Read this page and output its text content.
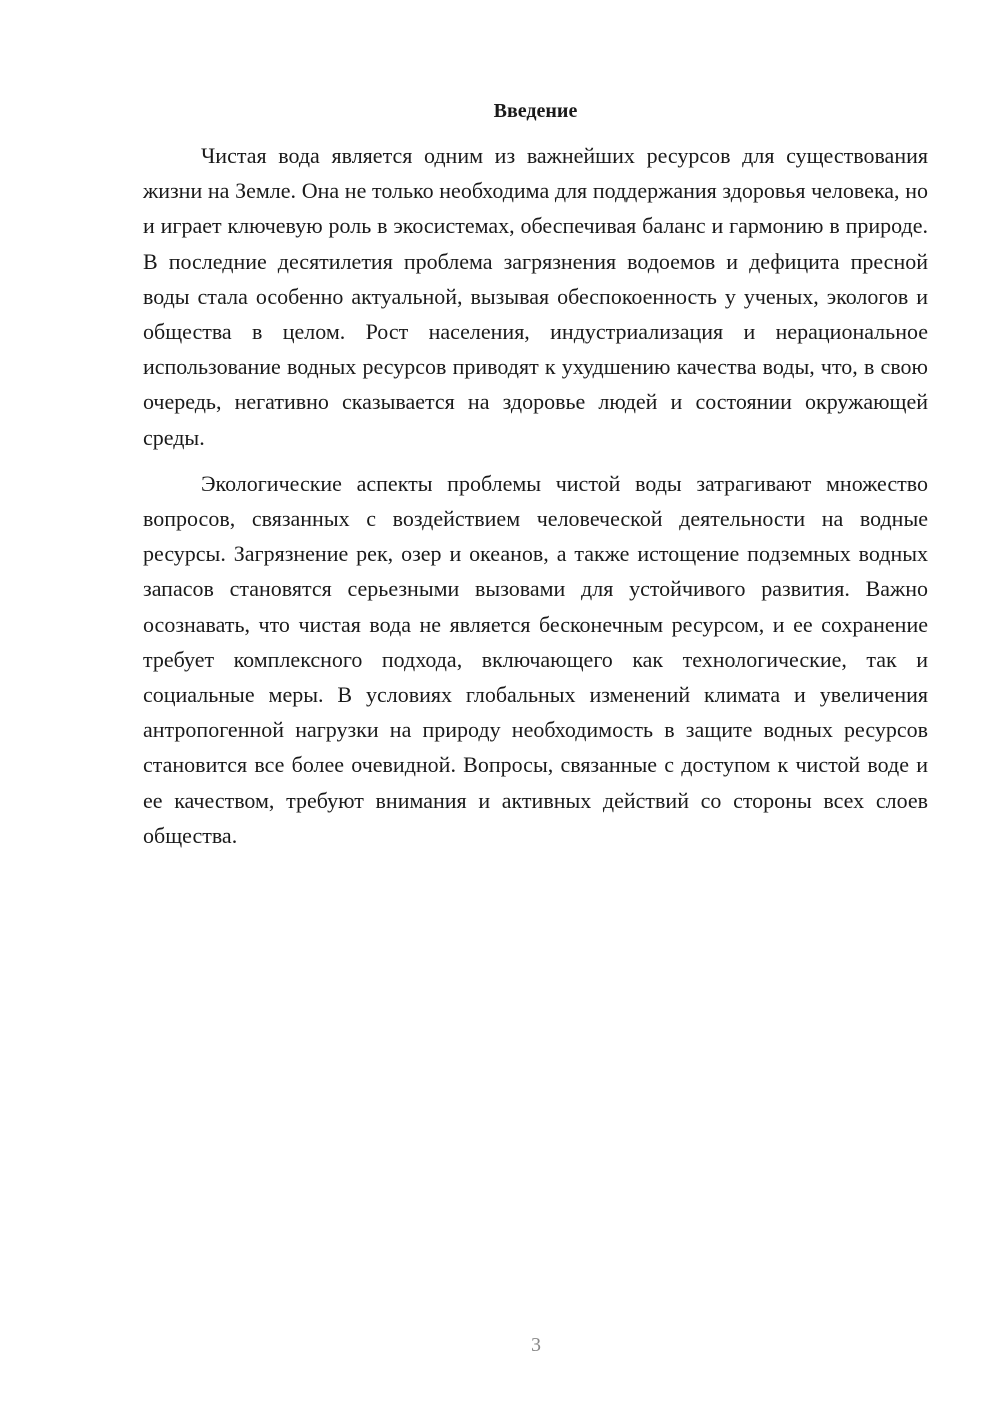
Введение

Чистая вода является одним из важнейших ресурсов для существования жизни на Земле. Она не только необходима для поддержания здоровья человека, но и играет ключевую роль в экосистемах, обеспечивая баланс и гармонию в природе. В последние десятилетия проблема загрязнения водоемов и дефицита пресной воды стала особенно актуальной, вызывая обеспокоенность у ученых, экологов и общества в целом. Рост населения, индустриализация и нерациональное использование водных ресурсов приводят к ухудшению качества воды, что, в свою очередь, негативно сказывается на здоровье людей и состоянии окружающей среды.

Экологические аспекты проблемы чистой воды затрагивают множество вопросов, связанных с воздействием человеческой деятельности на водные ресурсы. Загрязнение рек, озер и океанов, а также истощение подземных водных запасов становятся серьезными вызовами для устойчивого развития. Важно осознавать, что чистая вода не является бесконечным ресурсом, и ее сохранение требует комплексного подхода, включающего как технологические, так и социальные меры. В условиях глобальных изменений климата и увеличения антропогенной нагрузки на природу необходимость в защите водных ресурсов становится все более очевидной. Вопросы, связанные с доступом к чистой воде и ее качеством, требуют внимания и активных действий со стороны всех слоев общества.

3
